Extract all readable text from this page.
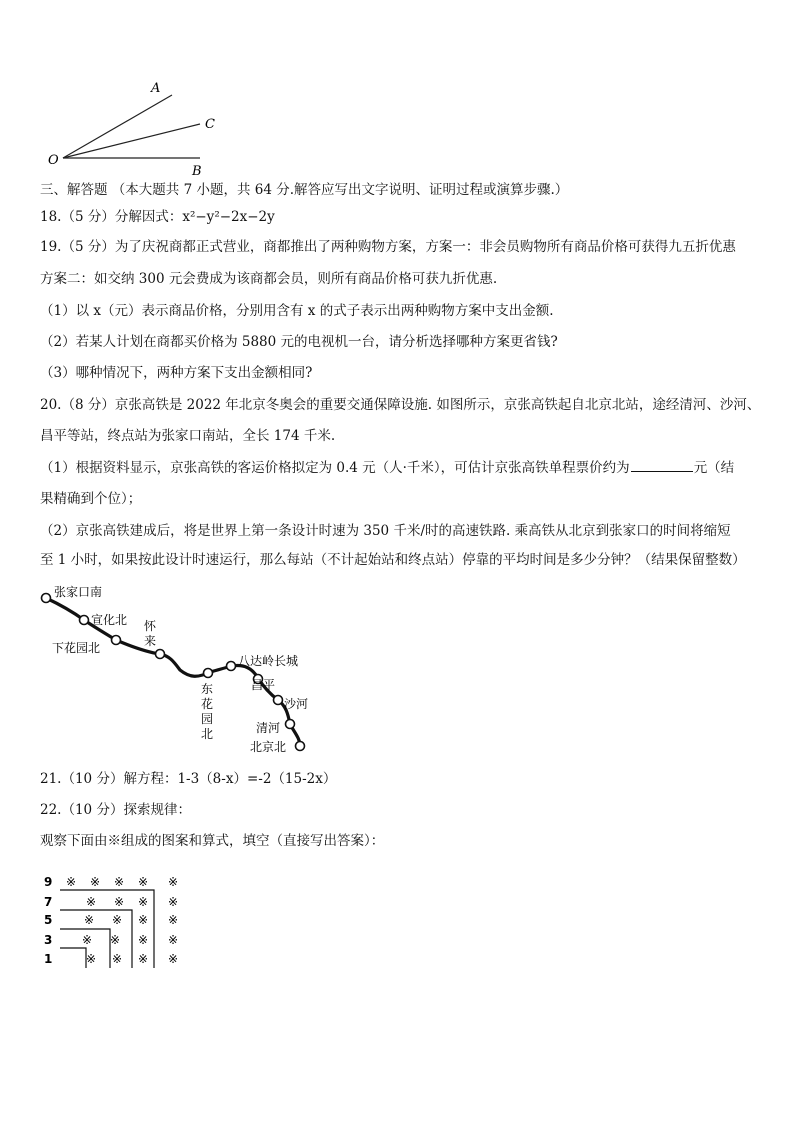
A
C
B
O
三、解答题 （本大题共 7 小题，共 64 分.解答应写出文字说明、证明过程或演算步骤.）
18.（5 分）分解因式：x²−y²−2x−2y
19.（5 分）为了庆祝商都正式营业，商都推出了两种购物方案，方案一：非会员购物所有商品价格可获得九五折优惠
方案二：如交纳 300 元会费成为该商都会员，则所有商品价格可获九折优惠.
（1）以 x（元）表示商品价格，分别用含有 x 的式子表示出两种购物方案中支出金额.
（2）若某人计划在商都买价格为 5880 元的电视机一台，请分析选择哪种方案更省钱?
（3）哪种情况下，两种方案下支出金额相同?
20.（8 分）京张高铁是 2022 年北京冬奥会的重要交通保障设施. 如图所示，京张高铁起自北京北站，途经清河、沙河、
昌平等站，终点站为张家口南站，全长 174 千米.
（1）根据资料显示，京张高铁的客运价格拟定为 0.4 元（人·千米），可估计京张高铁单程票价约为	元（结
果精确到个位）；
（2）京张高铁建成后，将是世界上第一条设计时速为 350 千米/时的高速铁路. 乘高铁从北京到张家口的时间将缩短
至 1 小时，如果按此设计时速运行，那么每站（不计起始站和终点站）停靠的平均时间是多少分钟？（结果保留整数）
张家口南
宣化北
下花园北
怀
来
东
花
园
北
八达岭长城
昌平
沙河
清河
北京北
21.（10 分）解方程：1-3（8-x）=-2（15-2x）
22.（10 分）探索规律：
观察下面由※组成的图案和算式，填空（直接写出答案）：
9
7
5
3
1
※ ※ ※ ※ ※
※ ※ ※ ※
※ ※ ※ ※
※ ※ ※ ※
※ ※ ※ ※
